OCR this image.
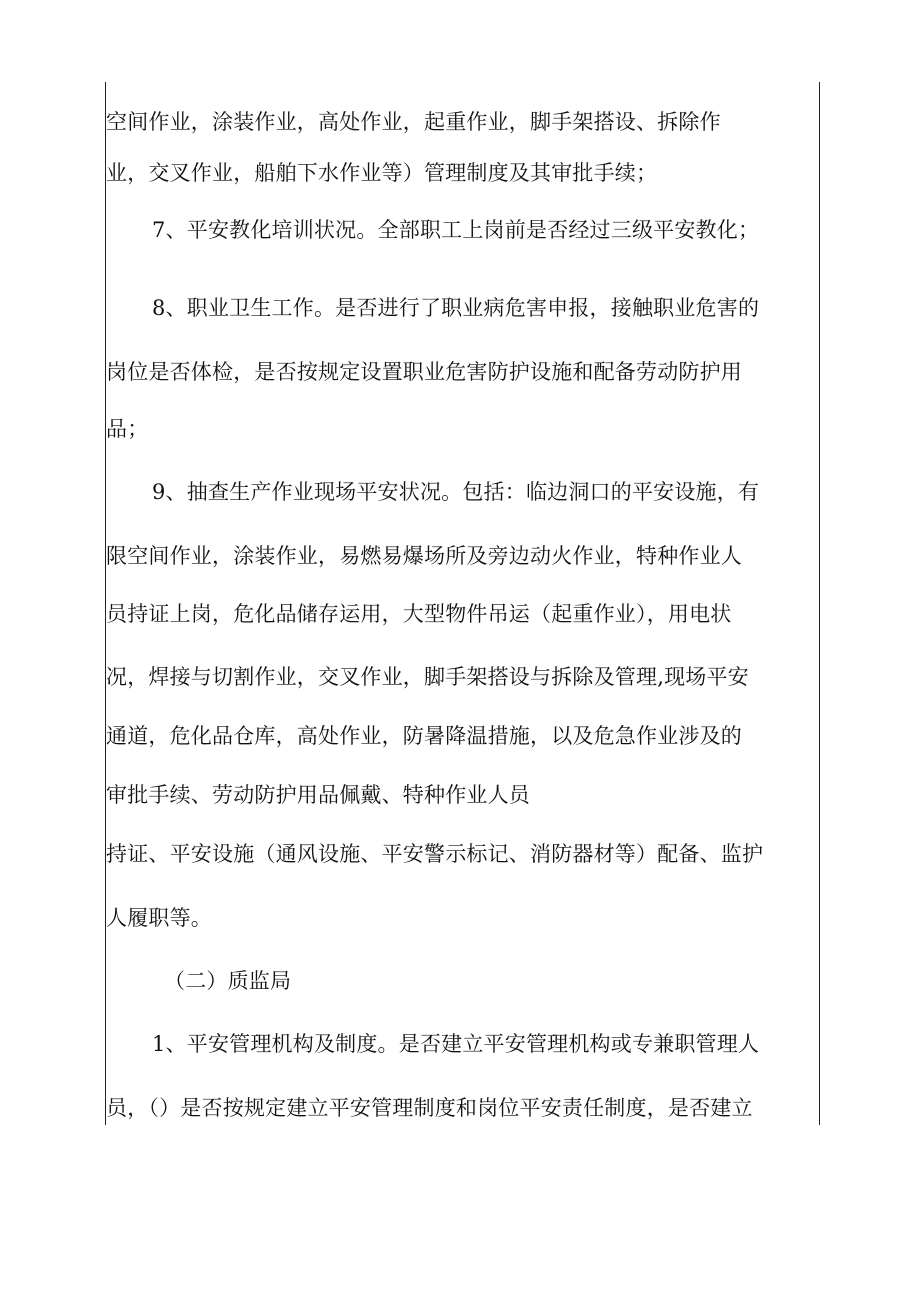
空间作业，涂装作业，高处作业，起重作业，脚手架搭设、拆除作
业，交叉作业，船舶下水作业等）管理制度及其审批手续；
7、平安教化培训状况。全部职工上岗前是否经过三级平安教化；
8、职业卫生工作。是否进行了职业病危害申报，接触职业危害的
岗位是否体检，是否按规定设置职业危害防护设施和配备劳动防护用
品；
9、抽查生产作业现场平安状况。包括：临边洞口的平安设施，有
限空间作业，涂装作业，易燃易爆场所及旁边动火作业，特种作业人
员持证上岗，危化品储存运用，大型物件吊运（起重作业），用电状
况，焊接与切割作业，交叉作业，脚手架搭设与拆除及管理,现场平安
通道，危化品仓库，高处作业，防暑降温措施，以及危急作业涉及的
审批手续、劳动防护用品佩戴、特种作业人员
持证、平安设施（通风设施、平安警示标记、消防器材等）配备、监护
人履职等。
（二）质监局
1、平安管理机构及制度。是否建立平安管理机构或专兼职管理人
员，（）是否按规定建立平安管理制度和岗位平安责任制度，是否建立
